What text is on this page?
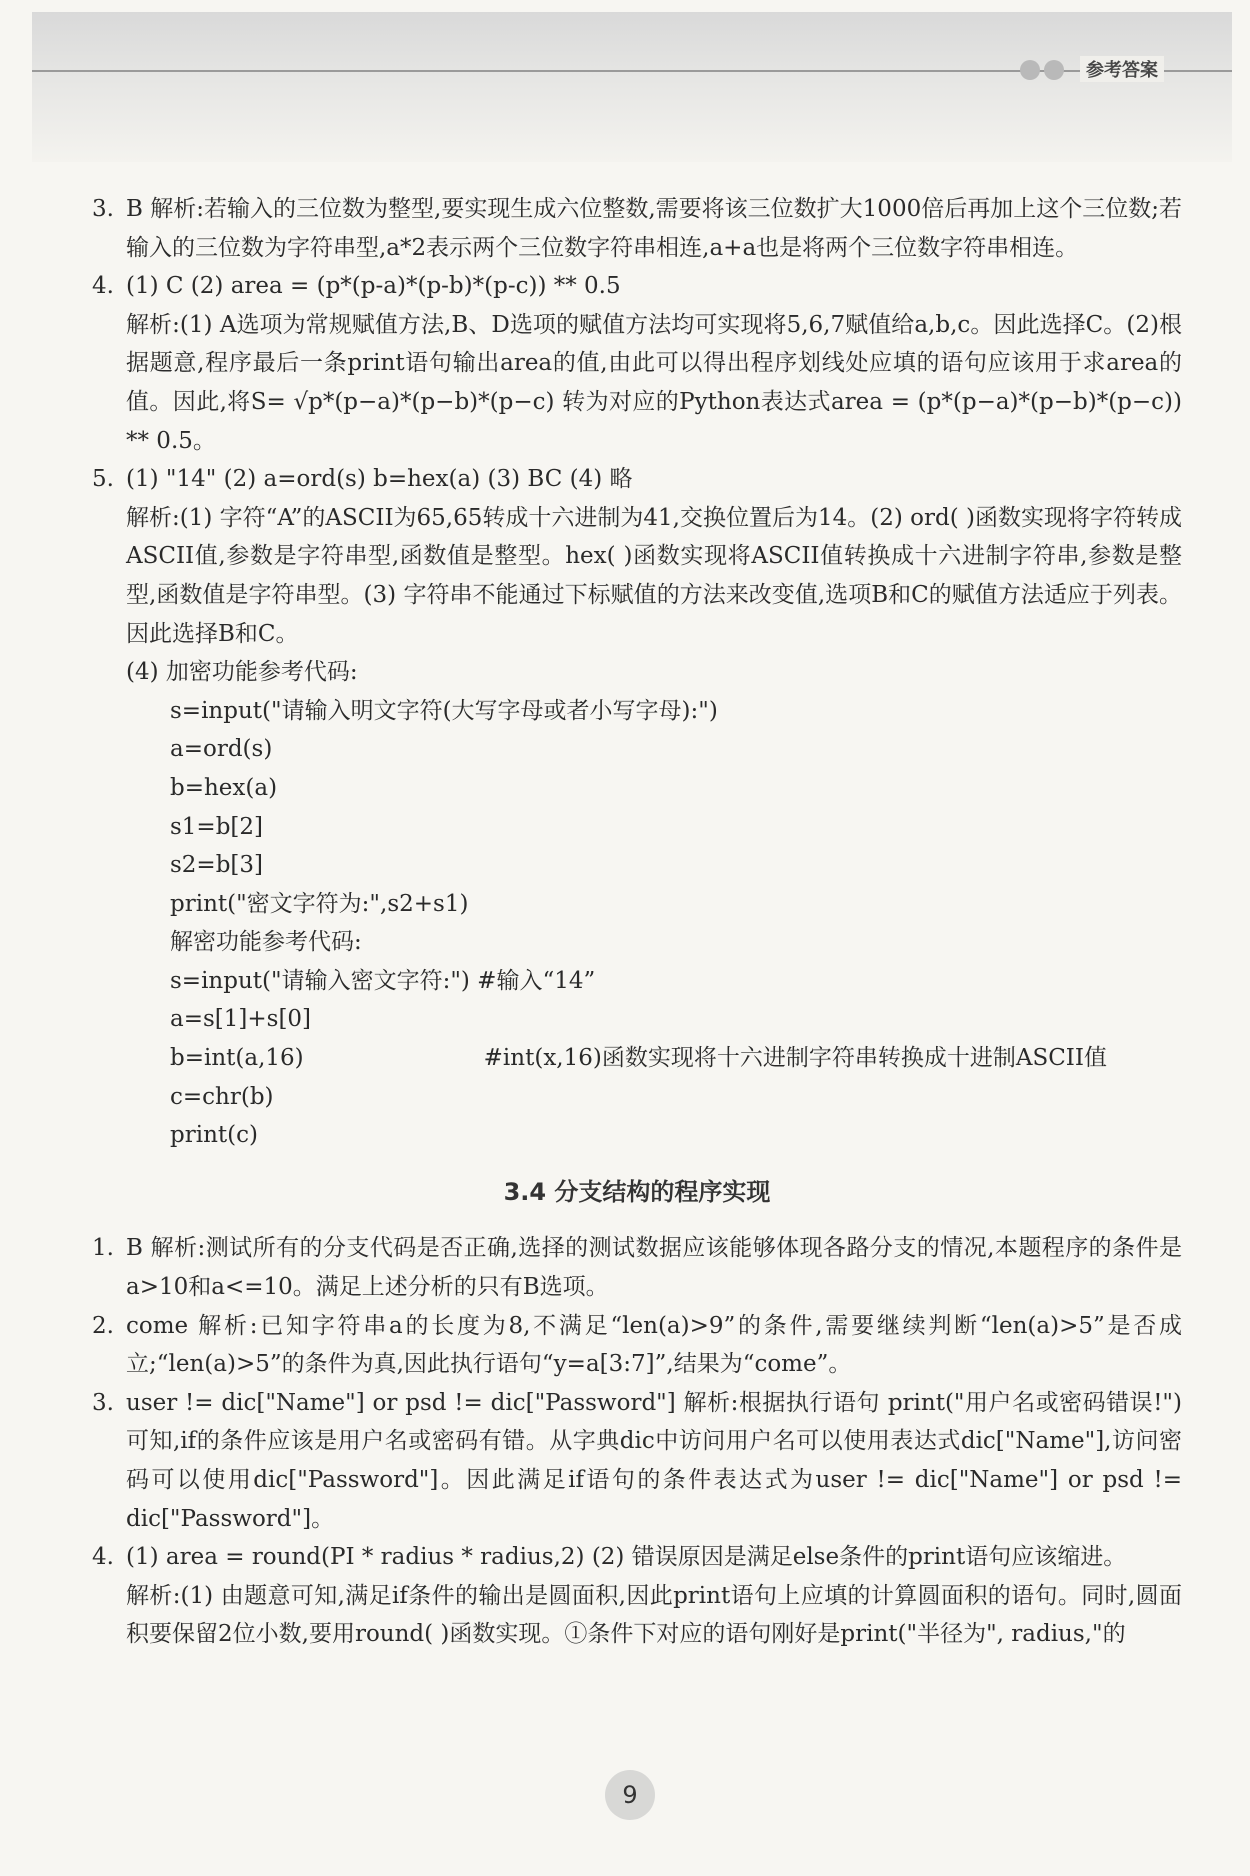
参考答案
3. B 解析:若输入的三位数为整型,要实现生成六位整数,需要将该三位数扩大1000倍后再加上这个三位数;若输入的三位数为字符串型,a*2表示两个三位数字符串相连,a+a也是将两个三位数字符串相连。
4. (1) C (2) area = (p*(p-a)*(p-b)*(p-c)) ** 0.5
解析:(1) A选项为常规赋值方法,B、D选项的赋值方法均可实现将5,6,7赋值给a,b,c。因此选择C。(2)根据题意,程序最后一条print语句输出area的值,由此可以得出程序划线处应填的语句应该用于求area的值。因此,将S= √p*(p−a)*(p−b)*(p−c) 转为对应的Python表达式area = (p*(p−a)*(p−b)*(p−c)) ** 0.5。
5. (1) "14" (2) a=ord(s) b=hex(a) (3) BC (4) 略
解析:(1) 字符“A”的ASCII为65,65转成十六进制为41,交换位置后为14。(2) ord( )函数实现将字符转成ASCII值,参数是字符串型,函数值是整型。hex( )函数实现将ASCII值转换成十六进制字符串,参数是整型,函数值是字符串型。(3) 字符串不能通过下标赋值的方法来改变值,选项B和C的赋值方法适应于列表。因此选择B和C。
(4) 加密功能参考代码:
s=input("请输入明文字符(大写字母或者小写字母):")
a=ord(s)
b=hex(a)
s1=b[2]
s2=b[3]
print("密文字符为:",s2+s1)
解密功能参考代码:
s=input("请输入密文字符:") #输入“14”
a=s[1]+s[0]
b=int(a,16)	#int(x,16)函数实现将十六进制字符串转换成十进制ASCII值
c=chr(b)
print(c)
3.4 分支结构的程序实现
1. B 解析:测试所有的分支代码是否正确,选择的测试数据应该能够体现各路分支的情况,本题程序的条件是a>10和a<=10。满足上述分析的只有B选项。
2. come 解析:已知字符串a的长度为8,不满足“len(a)>9”的条件,需要继续判断“len(a)>5”是否成立;“len(a)>5”的条件为真,因此执行语句“y=a[3:7]”,结果为“come”。
3. user != dic["Name"] or psd != dic["Password"] 解析:根据执行语句 print("用户名或密码错误!")可知,if的条件应该是用户名或密码有错。从字典dic中访问用户名可以使用表达式dic["Name"],访问密码可以使用dic["Password"]。因此满足if语句的条件表达式为user != dic["Name"] or psd != dic["Password"]。
4. (1) area = round(PI * radius * radius,2) (2) 错误原因是满足else条件的print语句应该缩进。
解析:(1) 由题意可知,满足if条件的输出是圆面积,因此print语句上应填的计算圆面积的语句。同时,圆面积要保留2位小数,要用round( )函数实现。①条件下对应的语句刚好是print("半径为", radius,"的
9
